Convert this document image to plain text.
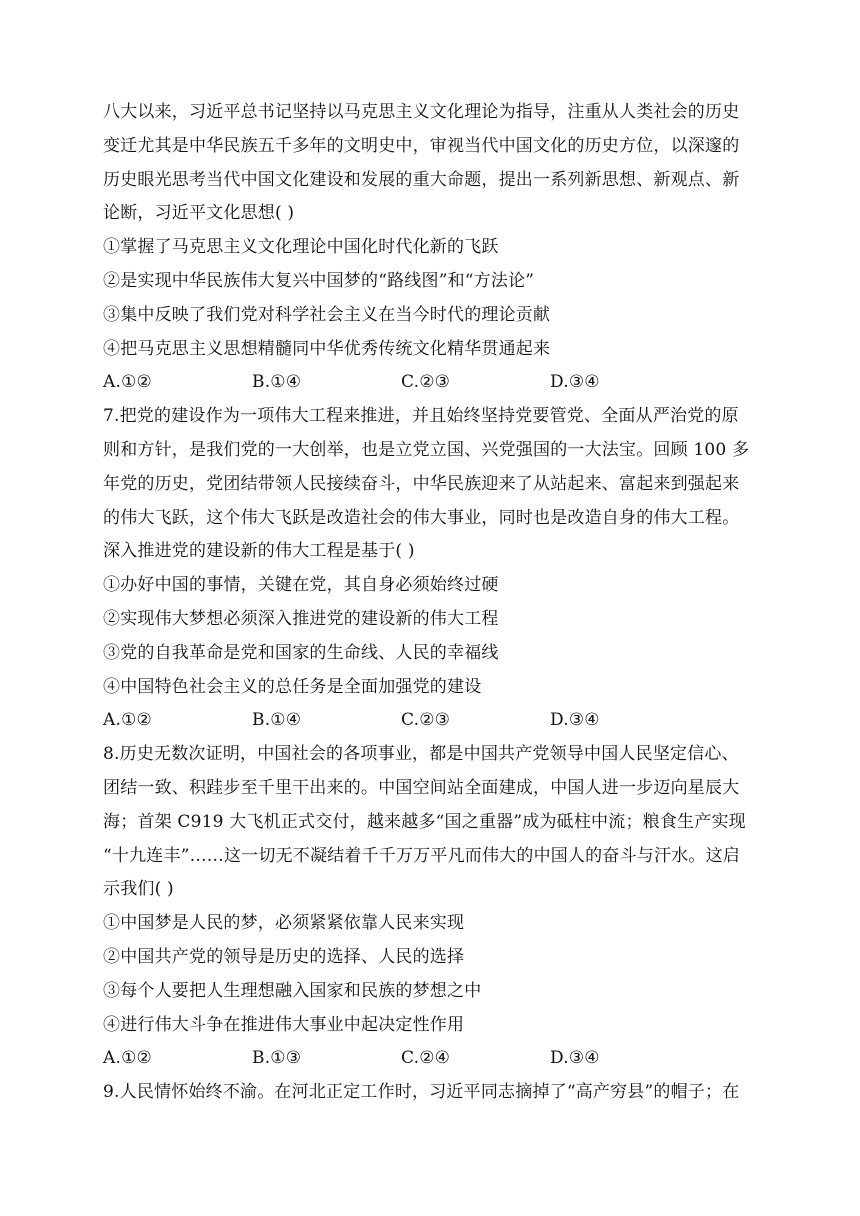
八大以来，习近平总书记坚持以马克思主义文化理论为指导，注重从人类社会的历史
变迁尤其是中华民族五千多年的文明史中，审视当代中国文化的历史方位，以深邃的
历史眼光思考当代中国文化建设和发展的重大命题，提出一系列新思想、新观点、新
论断，习近平文化思想( )
①掌握了马克思主义文化理论中国化时代化新的飞跃
②是实现中华民族伟大复兴中国梦的“路线图”和“方法论”
③集中反映了我们党对科学社会主义在当今时代的理论贡献
④把马克思主义思想精髓同中华优秀传统文化精华贯通起来
A.①②	B.①④	C.②③	D.③④
7.把党的建设作为一项伟大工程来推进，并且始终坚持党要管党、全面从严治党的原
则和方针，是我们党的一大创举，也是立党立国、兴党强国的一大法宝。回顾 100 多
年党的历史，党团结带领人民接续奋斗，中华民族迎来了从站起来、富起来到强起来
的伟大飞跃，这个伟大飞跃是改造社会的伟大事业，同时也是改造自身的伟大工程。
深入推进党的建设新的伟大工程是基于( )
①办好中国的事情，关键在党，其自身必须始终过硬
②实现伟大梦想必须深入推进党的建设新的伟大工程
③党的自我革命是党和国家的生命线、人民的幸福线
④中国特色社会主义的总任务是全面加强党的建设
A.①②	B.①④	C.②③	D.③④
8.历史无数次证明，中国社会的各项事业，都是中国共产党领导中国人民坚定信心、
团结一致、积跬步至千里干出来的。中国空间站全面建成，中国人进一步迈向星辰大
海；首架 C919 大飞机正式交付，越来越多“国之重器”成为砥柱中流；粮食生产实现
“十九连丰”……这一切无不凝结着千千万万平凡而伟大的中国人的奋斗与汗水。这启
示我们( )
①中国梦是人民的梦，必须紧紧依靠人民来实现
②中国共产党的领导是历史的选择、人民的选择
③每个人要把人生理想融入国家和民族的梦想之中
④进行伟大斗争在推进伟大事业中起决定性作用
A.①②	B.①③	C.②④	D.③④
9.人民情怀始终不渝。在河北正定工作时，习近平同志摘掉了“高产穷县”的帽子；在
